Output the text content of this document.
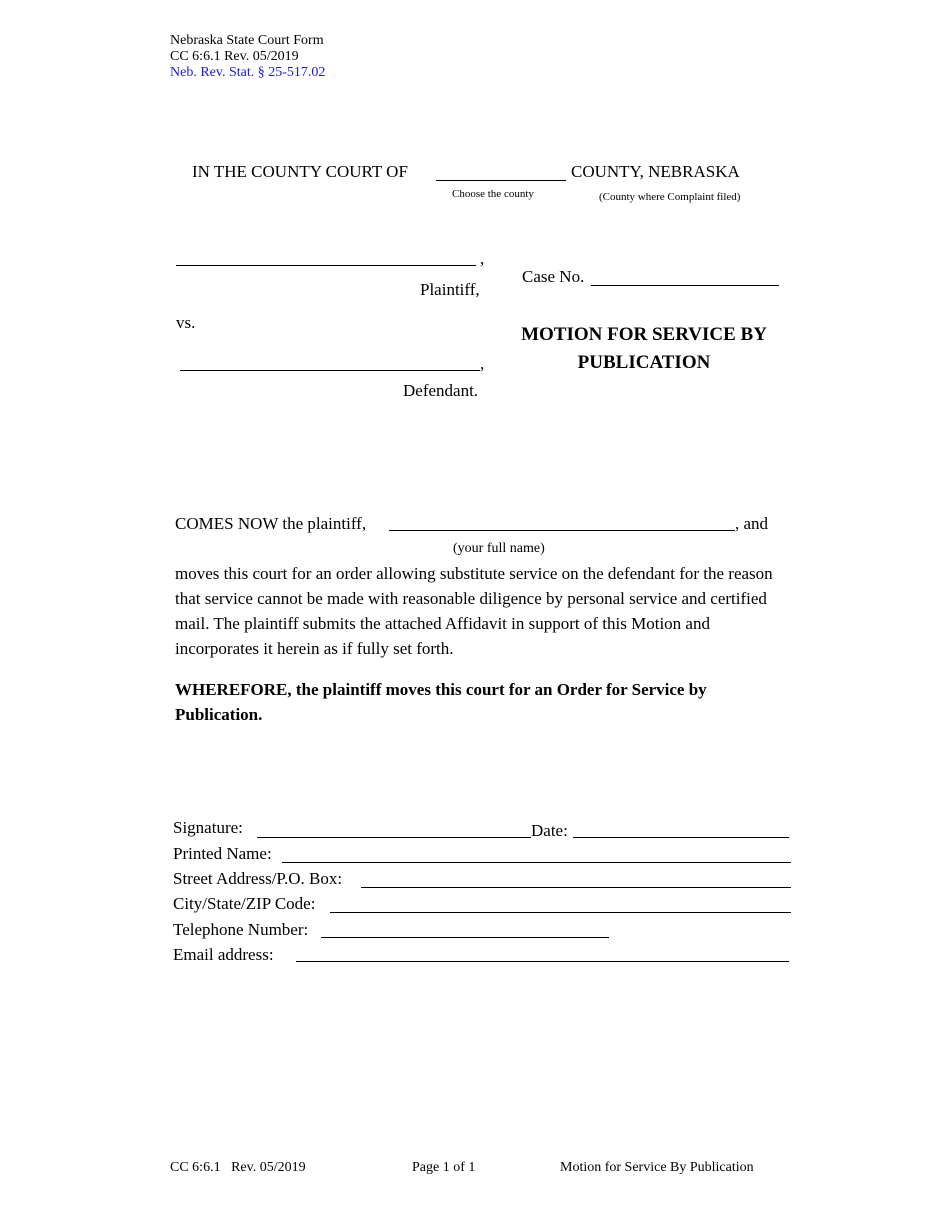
Nebraska State Court Form
CC 6:6.1 Rev. 05/2019
Neb. Rev. Stat. § 25-517.02
IN THE COUNTY COURT OF	COUNTY, NEBRASKA
Choose the county	(County where Complaint filed)
,
Plaintiff,
vs.
,
Defendant.
Case No.
MOTION FOR SERVICE BY
PUBLICATION
COMES NOW the plaintiff,	, and
(your full name)
moves this court for an order allowing substitute service on the defendant for the reason that service cannot be made with reasonable diligence by personal service and certified mail. The plaintiff submits the attached Affidavit in support of this Motion and incorporates it herein as if fully set forth.
WHEREFORE, the plaintiff moves this court for an Order for Service by Publication.
Signature:	Date:
Printed Name:
Street Address/P.O. Box:
City/State/ZIP Code:
Telephone Number:
Email address:
CC 6:6.1   Rev. 05/2019	Page 1 of 1	Motion for Service By Publication
